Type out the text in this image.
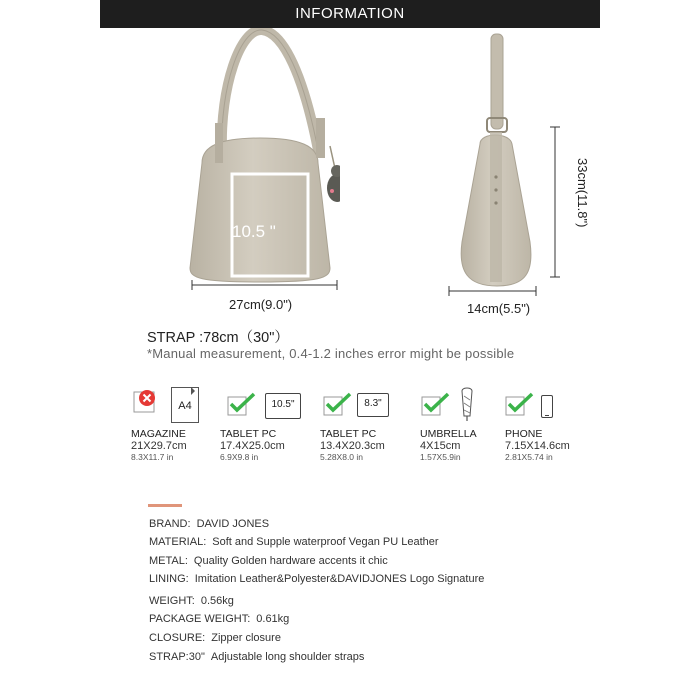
INFORMATION
10.5 "
27cm(9.0")
33cm(11.8")
14cm(5.5")
STRAP :78cm（30"）
*Manual measurement, 0.4-1.2 inches error might be possible
A4	10.5"	8.3"
MAGAZINE
21X29.7cm
8.3X11.7 in
TABLET PC
17.4X25.0cm
6.9X9.8 in
TABLET PC
13.4X20.3cm
5.28X8.0 in
UMBRELLA
4X15cm
1.57X5.9in
PHONE
7.15X14.6cm
2.81X5.74 in
BRAND: DAVID JONES
MATERIAL: Soft and Supple waterproof Vegan PU Leather
METAL: Quality Golden hardware accents it chic
LINING: Imitation Leather&Polyester&DAVIDJONES Logo Signature
WEIGHT: 0.56kg
PACKAGE WEIGHT: 0.61kg
CLOSURE: Zipper closure
STRAP:30" Adjustable long shoulder straps
